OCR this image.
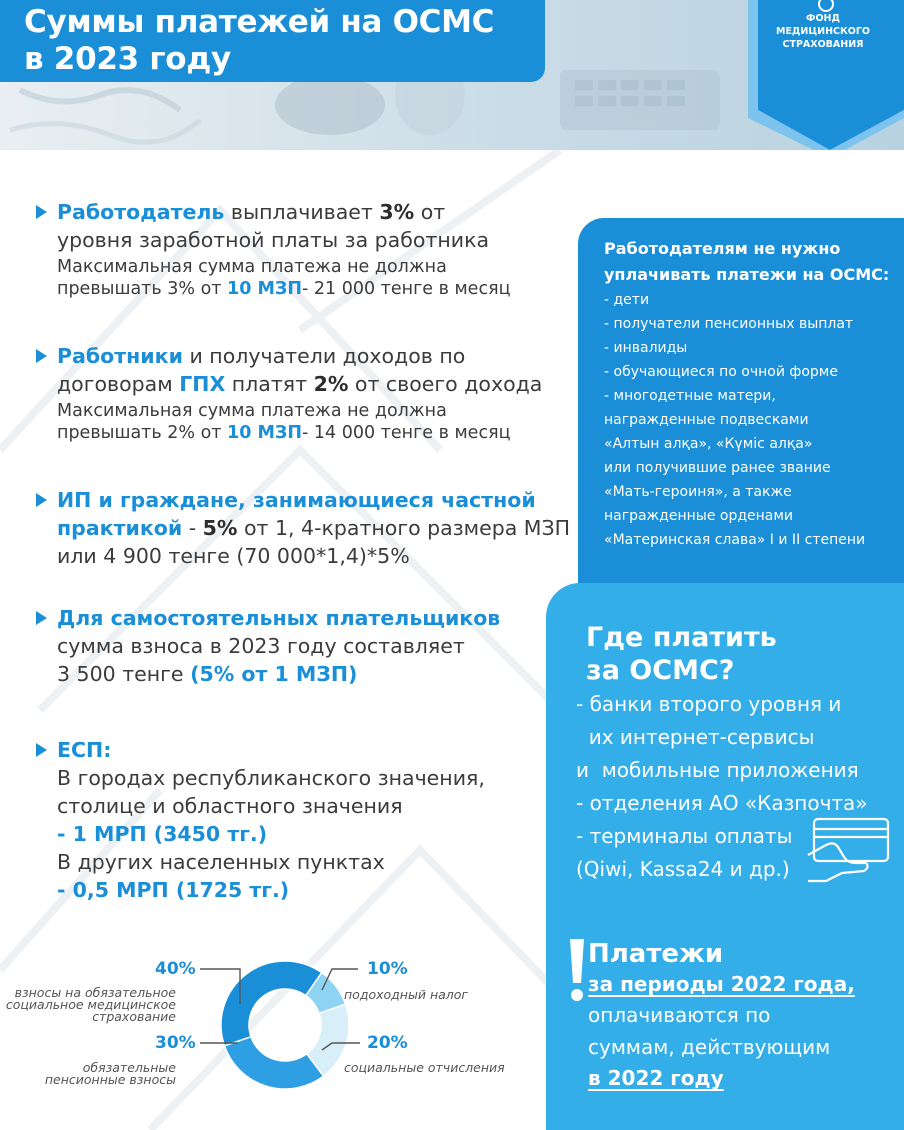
Суммы платежей на ОСМС
в 2023 году
ФОНД
МЕДИЦИНСКОГО
СТРАХОВАНИЯ
Работодатель выплачивает 3% от
уровня заработной платы за работника
Максимальная сумма платежа не должна
превышать 3% от 10 МЗП- 21 000 тенге в месяц
Работники и получатели доходов по
договорам ГПХ платят 2% от своего дохода
Максимальная сумма платежа не должна
превышать 2% от 10 МЗП- 14 000 тенге в месяц
ИП и граждане, занимающиеся частной
практикой - 5% от 1, 4-кратного размера МЗП
или 4 900 тенге (70 000*1,4)*5%
Для самостоятельных плательщиков
сумма взноса в 2023 году составляет
3 500 тенге (5% от 1 МЗП)
ЕСП:
В городах республиканского значения,
столице и областного значения
- 1 МРП (3450 тг.)
В других населенных пунктах
- 0,5 МРП (1725 тг.)
Работодателям не нужно
уплачивать платежи на ОСМС:
- дети
- получатели пенсионных выплат
- инвалиды
- обучающиеся по очной форме
- многодетные матери,
награжденные подвесками
«Алтын алқа», «Күміс алқа»
или получившие ранее звание
«Мать-героиня», а также
награжденные орденами
«Материнская слава» I и II степени
Где платить
за ОСМС?
- банки второго уровня и
их интернет-сервисы
и  мобильные приложения
- отделения АО «Казпочта»
- терминалы оплаты
(Qiwi, Kassa24 и др.)
Платежи
за периоды 2022 года,
оплачиваются по
суммам, действующим
в 2022 году
40%	10%
30%	20%
взносы на обязательное
социальное медицинское
страхование
подоходный налог
обязательные
пенсионные взносы
социальные отчисления
